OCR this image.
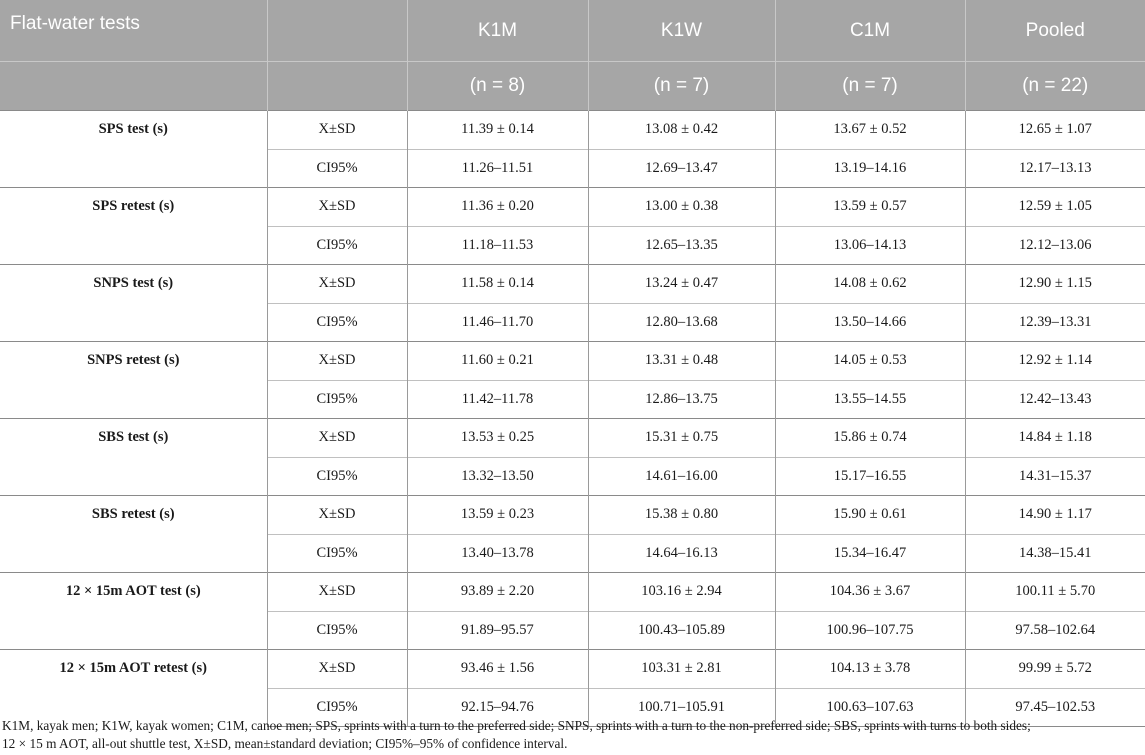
Flat-water tests		K1M	K1W	C1M	Pooled
		(n = 8)	(n = 7)	(n = 7)	(n = 22)
SPS test (s)	X±SD	11.39 ± 0.14	13.08 ± 0.42	13.67 ± 0.52	12.65 ± 1.07
	CI95%	11.26–11.51	12.69–13.47	13.19–14.16	12.17–13.13
SPS retest (s)	X±SD	11.36 ± 0.20	13.00 ± 0.38	13.59 ± 0.57	12.59 ± 1.05
	CI95%	11.18–11.53	12.65–13.35	13.06–14.13	12.12–13.06
SNPS test (s)	X±SD	11.58 ± 0.14	13.24 ± 0.47	14.08 ± 0.62	12.90 ± 1.15
	CI95%	11.46–11.70	12.80–13.68	13.50–14.66	12.39–13.31
SNPS retest (s)	X±SD	11.60 ± 0.21	13.31 ± 0.48	14.05 ± 0.53	12.92 ± 1.14
	CI95%	11.42–11.78	12.86–13.75	13.55–14.55	12.42–13.43
SBS test (s)	X±SD	13.53 ± 0.25	15.31 ± 0.75	15.86 ± 0.74	14.84 ± 1.18
	CI95%	13.32–13.50	14.61–16.00	15.17–16.55	14.31–15.37
SBS retest (s)	X±SD	13.59 ± 0.23	15.38 ± 0.80	15.90 ± 0.61	14.90 ± 1.17
	CI95%	13.40–13.78	14.64–16.13	15.34–16.47	14.38–15.41
12 × 15m AOT test (s)	X±SD	93.89 ± 2.20	103.16 ± 2.94	104.36 ± 3.67	100.11 ± 5.70
	CI95%	91.89–95.57	100.43–105.89	100.96–107.75	97.58–102.64
12 × 15m AOT retest (s)	X±SD	93.46 ± 1.56	103.31 ± 2.81	104.13 ± 3.78	99.99 ± 5.72
	CI95%	92.15–94.76	100.71–105.91	100.63–107.63	97.45–102.53
K1M, kayak men; K1W, kayak women; C1M, canoe men; SPS, sprints with a turn to the preferred side; SNPS, sprints with a turn to the non-preferred side; SBS, sprints with turns to both sides;
12 × 15 m AOT, all-out shuttle test, X±SD, mean±standard deviation; CI95%–95% of confidence interval.
